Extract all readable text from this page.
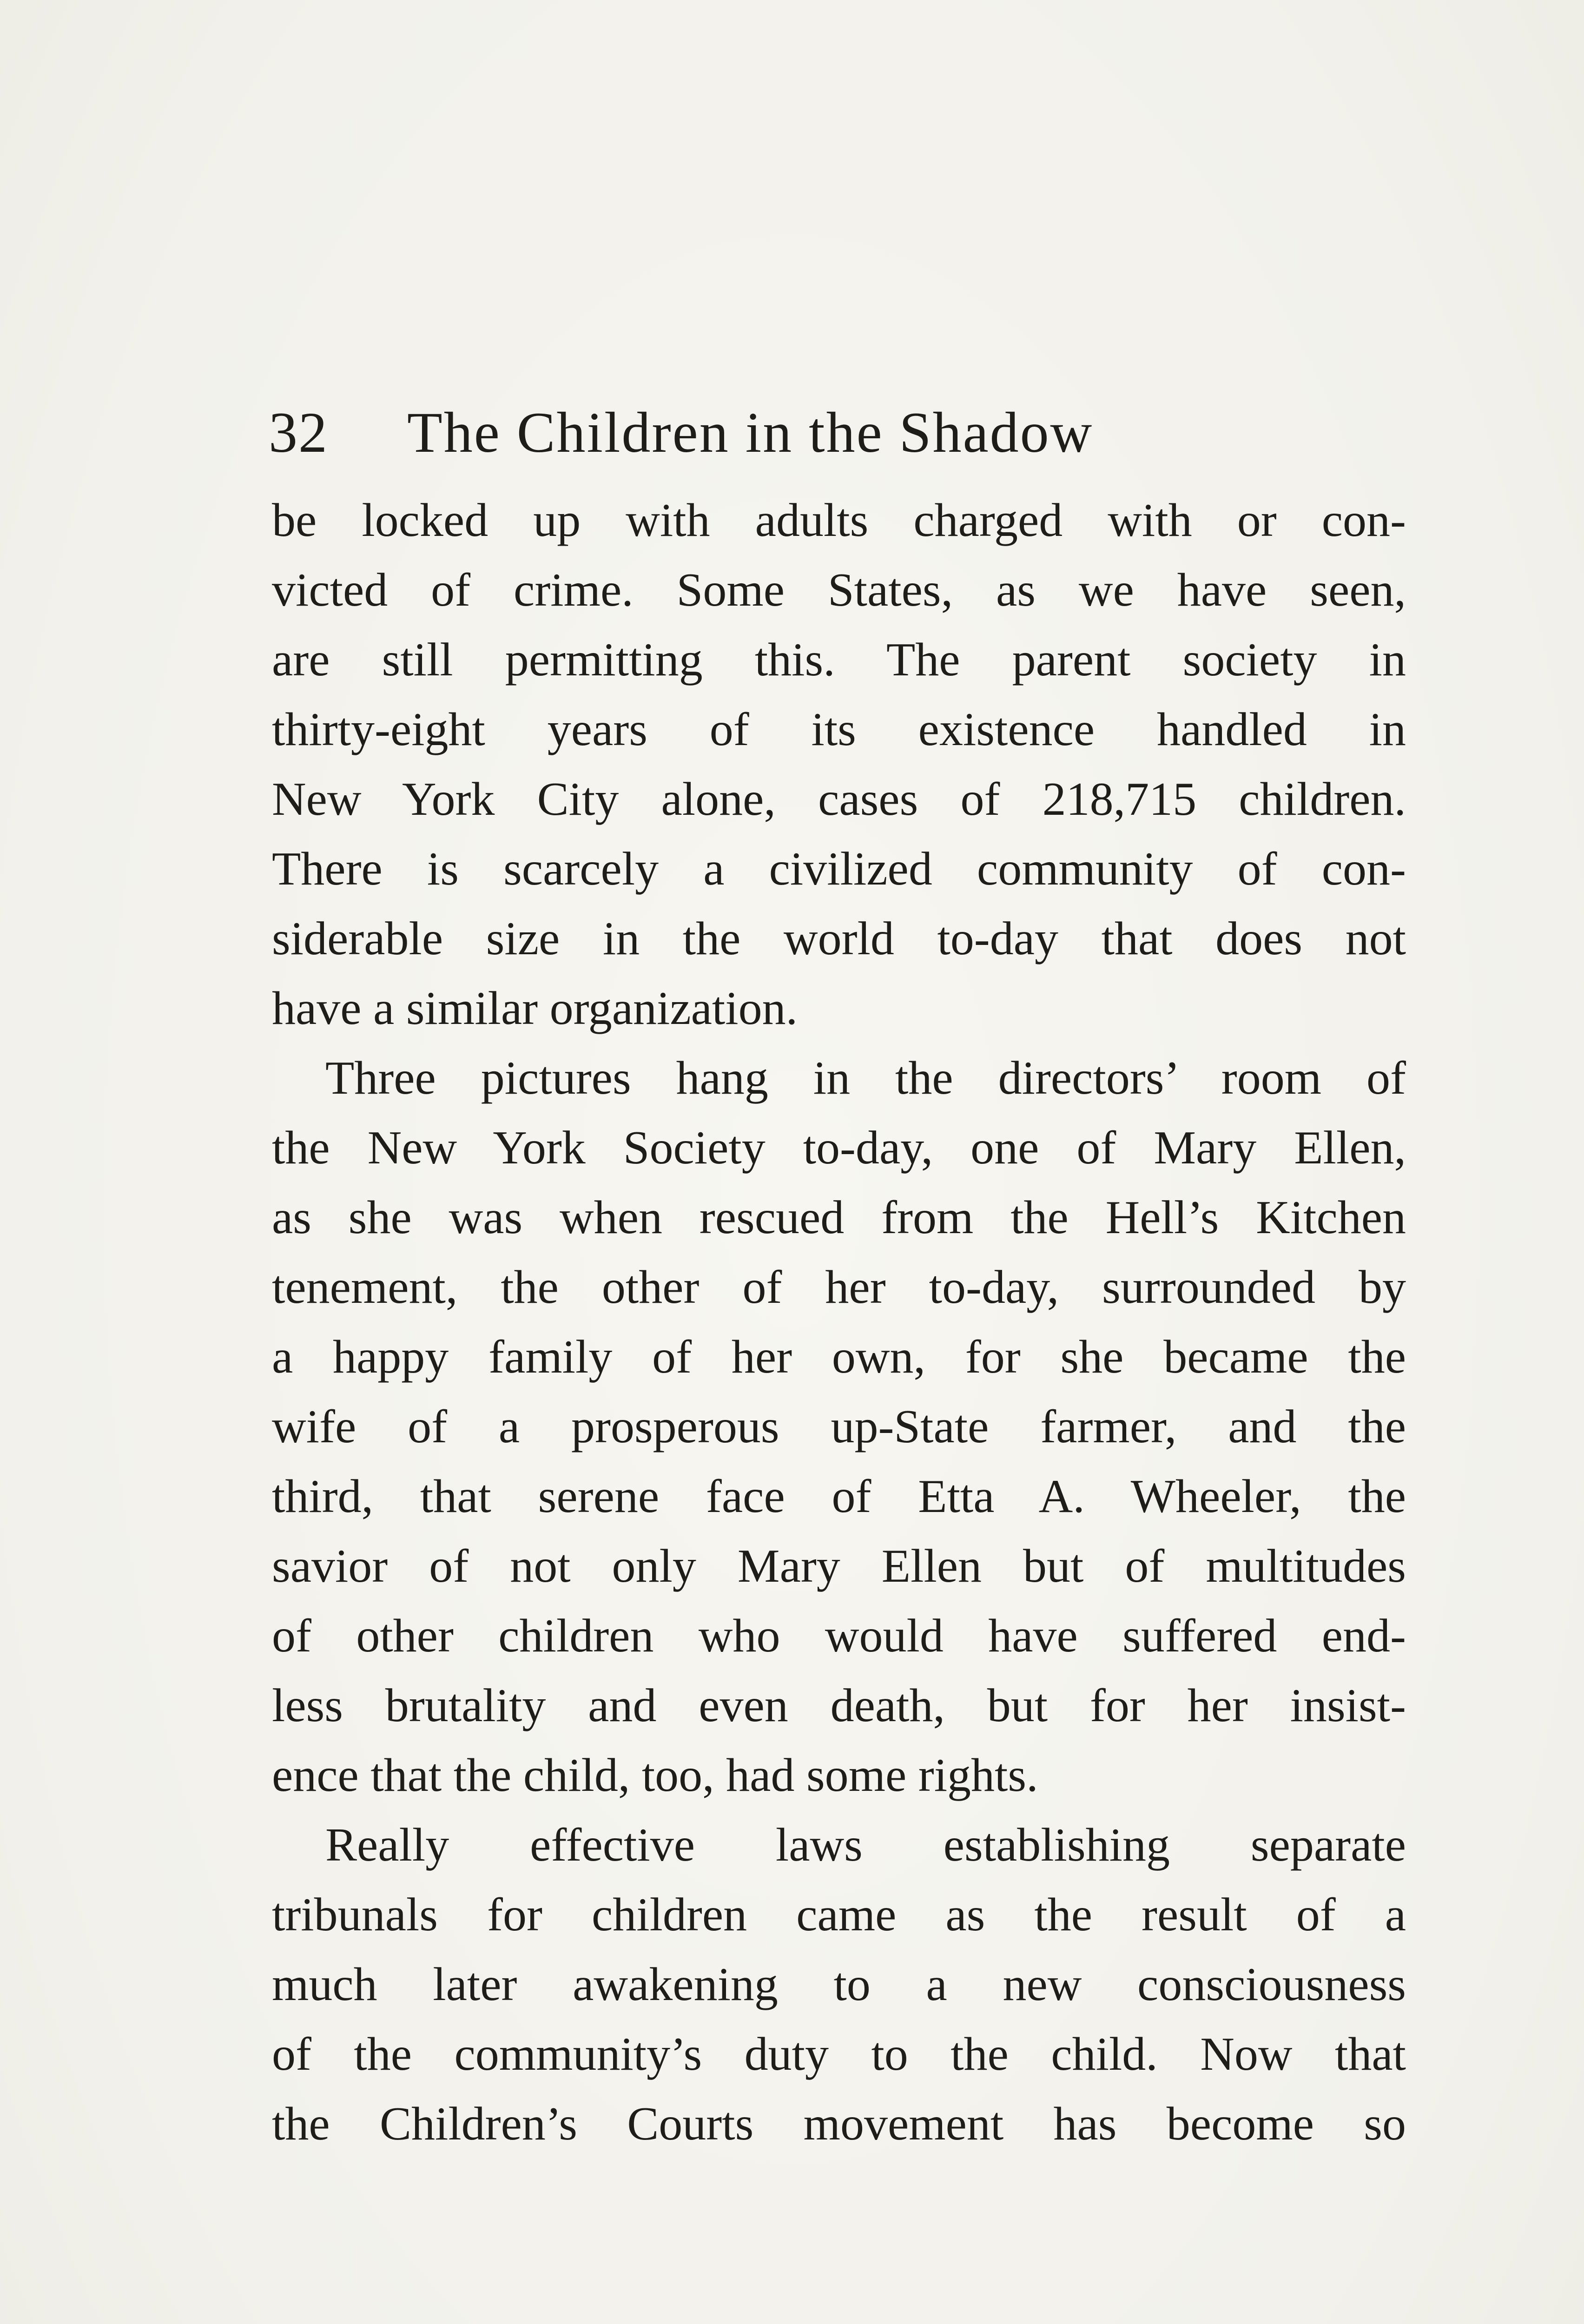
32 The Children in the Shadow
be locked up with adults charged with or con-
victed of crime. Some States, as we have seen,
are still permitting this. The parent society in
thirty-eight years of its existence handled in
New York City alone, cases of 218,715 children.
There is scarcely a civilized community of con-
siderable size in the world to-day that does not
have a similar organization.
Three pictures hang in the directors’ room of
the New York Society to-day, one of Mary Ellen,
as she was when rescued from the Hell’s Kitchen
tenement, the other of her to-day, surrounded by
a happy family of her own, for she became the
wife of a prosperous up-State farmer, and the
third, that serene face of Etta A. Wheeler, the
savior of not only Mary Ellen but of multitudes
of other children who would have suffered end-
less brutality and even death, but for her insist-
ence that the child, too, had some rights.
Really effective laws establishing separate
tribunals for children came as the result of a
much later awakening to a new consciousness
of the community’s duty to the child. Now that
the Children’s Courts movement has become so
